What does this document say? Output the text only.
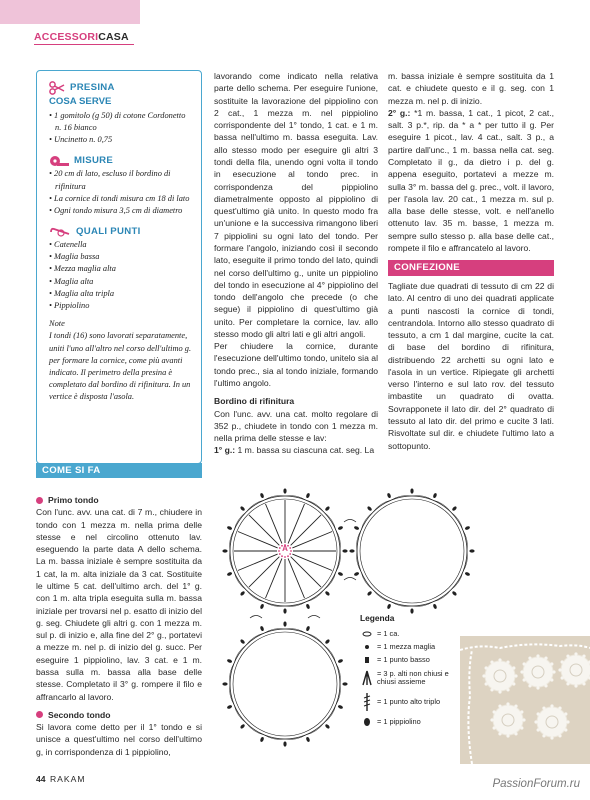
ACCESSORICASA
PRESINA
COSA SERVE
• 1 gomitolo (g 50) di cotone Cordonetto n. 16 bianco
• Uncinetto n. 0,75
MISURE
• 20 cm di lato, escluso il bordino di rifinitura
• La cornice di tondi misura cm 18 di lato
• Ogni tondo misura 3,5 cm di diametro
QUALI PUNTI
• Catenella
• Maglia bassa
• Mezza maglia alta
• Maglia alta
• Maglia alta tripla
• Pippiolino
Note
I tondi (16) sono lavorati separatamente, uniti l'uno all'altro nel corso dell'ultimo g. per formare la cornice, come più avanti indicato. Il perimetro della presina è completato dal bordino di rifinitura. In un vertice è disposta l'asola.
COME SI FA
Primo tondo

Con l'unc. avv. una cat. di 7 m., chiudere in tondo con 1 mezza m. nella prima delle stesse e nel circolino ottenuto lav. eseguendo la parte data A dello schema. La m. bassa iniziale è sempre sostituita da 1 cat, la m. alta iniziale da 3 cat. Sostituite le ultime 5 cat. dell'ultimo arch. del 1° g. con 1 m. alta tripla eseguita sulla m. bassa iniziale per trovarsi nel p. esatto di inizio del g. seg. Chiudete gli altri g. con 1 mezza m. sul p. di inizio e, alla fine del 2° g., portatevi a mezze m. nel p. di inizio del g. succ. Per eseguire 1 pippiolino, lav. 3 cat. e 1 m. bassa sulla m. bassa alla base delle stesse. Completato il 3° g. rompere il filo e affrancarlo al lavoro.

Secondo tondo

Si lavora come detto per il 1° tondo e si unisce a quest'ultimo nel corso dell'ultimo g, in corrispondenza di 1 pippiolino,

lavorando come indicato nella relativa parte dello schema. Per eseguire l'unione, sostituite la lavorazione del pippiolino con 2 cat., 1 mezza m. nel pippiolino corrispondente del 1° tondo, 1 cat. e 1 m. bassa nell'ultimo m. bassa eseguita. Lav. allo stesso modo per eseguire gli altri 3 tondi della fila, unendo ogni volta il tondo in esecuzione al tondo prec. in corrispondenza del pippiolino diametralmente opposto al pippiolino di quest'ultimo già unito. In questo modo fra un'unione e la successiva rimangono liberi 7 pippiolini su ogni lato del tondo. Per formare l'angolo, iniziando così il secondo lato, eseguite il primo tondo del lato, quindi nel corso dell'ultimo g., unite un pippiolino del tondo in esecuzione al 4° pippiolino del tondo dell'angolo che precede (o che segue) il pippiolino di quest'ultimo già unito. Per completare la cornice, lav. allo stesso modo gli altri lati e gli altri angoli.

Per chiudere la cornice, durante l'esecuzione dell'ultimo tondo, unitelo sia al tondo prec., sia al tondo iniziale, formando l'ultimo angolo.

Bordino di rifinitura

Con l'unc. avv. una cat. molto regolare di 352 p., chiudete in tondo con 1 mezza m. nella prima delle stesse e lav:

1° g.: 1 m. bassa su ciascuna cat. seg. La

m. bassa iniziale è sempre sostituita da 1 cat. e chiudete questo e il g. seg. con 1 mezza m. nel p. di inizio.

2° g.: *1 m. bassa, 1 cat., 1 picot, 2 cat., salt. 3 p.*, rip. da * a * per tutto il g. Per eseguire 1 picot., lav. 4 cat., salt. 3 p., a partire dall'unc., 1 m. bassa nella cat. seg. Completato il g., da dietro i p. del g. appena eseguito, portatevi a mezze m. sulla 3° m. bassa del g. prec., volt. il lavoro, per l'asola lav. 20 cat., 1 mezza m. sul p. alla base delle stesse, volt. e nell'anello ottenuto lav. 35 m. basse, 1 mezza m. sempre sullo stesso p. alla base delle cat., rompete il filo e affrancatelo al lavoro.

CONFEZIONE

Tagliate due quadrati di tessuto di cm 22 di lato. Al centro di uno dei quadrati applicate a punti nascosti la cornice di tondi, centrandola. Intorno allo stesso quadrato di tessuto, a cm 1 dal margine, cucite la cat. di base del bordino di rifinitura, distribuendo 22 archetti su ogni lato e l'asola in un vertice. Ripiegate gli archetti verso l'interno e sul lato rov. del tessuto imbastite un quadrato di ovatta. Sovrapponete il lato dir. del 2° quadrato di tessuto al lato dir. del primo e cucite 3 lati. Risvoltate sul dir. e chiudete l'ultimo lato a sottopunto.

A
Legenda
= 1 ca.
= 1 mezza maglia
= 1 punto basso
= 3 p. alti non chiusi e chiusi assieme
= 1 punto alto triplo
= 1 pippiolino
44 RAKAM	PassionForum.ru
